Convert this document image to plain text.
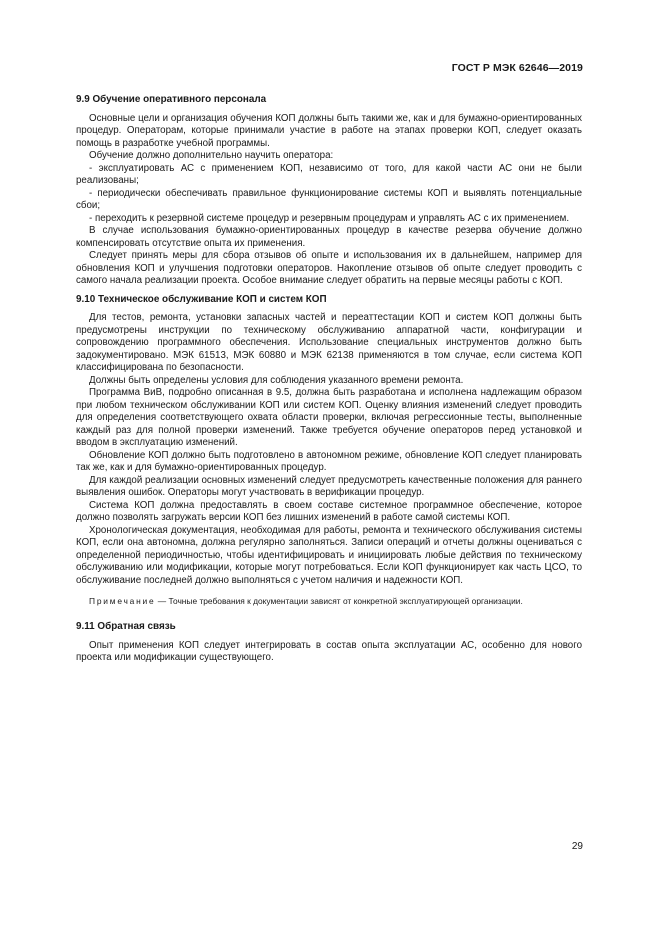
ГОСТ Р МЭК 62646—2019
9.9 Обучение оперативного персонала

Основные цели и организация обучения КОП должны быть такими же, как и для бумажно-ориентированных процедур. Операторам, которые принимали участие в работе на этапах проверки КОП, следует оказать помощь в разработке учебной программы.

Обучение должно дополнительно научить оператора:

- эксплуатировать АС с применением КОП, независимо от того, для какой части АС они не были реализованы;

- периодически обеспечивать правильное функционирование системы КОП и выявлять потенциальные сбои;

- переходить к резервной системе процедур и резервным процедурам и управлять АС с их применением.

В случае использования бумажно-ориентированных процедур в качестве резерва обучение должно компенсировать отсутствие опыта их применения.

Следует принять меры для сбора отзывов об опыте и использования их в дальнейшем, например для обновления КОП и улучшения подготовки операторов. Накопление отзывов об опыте следует проводить с самого начала реализации проекта. Особое внимание следует обратить на первые месяцы работы с КОП.

9.10 Техническое обслуживание КОП и систем КОП

Для тестов, ремонта, установки запасных частей и переаттестации КОП и систем КОП должны быть предусмотрены инструкции по техническому обслуживанию аппаратной части, конфигурации и сопровождению программного обеспечения. Использование специальных инструментов должно быть задокументировано. МЭК 61513, МЭК 60880 и МЭК 62138 применяются в том случае, если система КОП классифицирована по безопасности.

Должны быть определены условия для соблюдения указанного времени ремонта.

Программа ВиВ, подробно описанная в 9.5, должна быть разработана и исполнена надлежащим образом при любом техническом обслуживании КОП или систем КОП. Оценку влияния изменений следует проводить для определения соответствующего охвата области проверки, включая регрессионные тесты, выполненные каждый раз для полной проверки изменений. Также требуется обучение операторов перед установкой и вводом в эксплуатацию изменений.

Обновление КОП должно быть подготовлено в автономном режиме, обновление КОП следует планировать так же, как и для бумажно-ориентированных процедур.

Для каждой реализации основных изменений следует предусмотреть качественные положения для раннего выявления ошибок. Операторы могут участвовать в верификации процедур.

Система КОП должна предоставлять в своем составе системное программное обеспечение, которое должно позволять загружать версии КОП без лишних изменений в работе самой системы КОП.

Хронологическая документация, необходимая для работы, ремонта и технического обслуживания системы КОП, если она автономна, должна регулярно заполняться. Записи операций и отчеты должны оцениваться с определенной периодичностью, чтобы идентифицировать и инициировать любые действия по техническому обслуживанию или модификации, которые могут потребоваться. Если КОП функционирует как часть ЦСО, то обслуживание последней должно выполняться с учетом наличия и надежности КОП.

Примечание — Точные требования к документации зависят от конкретной эксплуатирующей организации.

9.11 Обратная связь

Опыт применения КОП следует интегрировать в состав опыта эксплуатации АС, особенно для нового проекта или модификации существующего.

29
